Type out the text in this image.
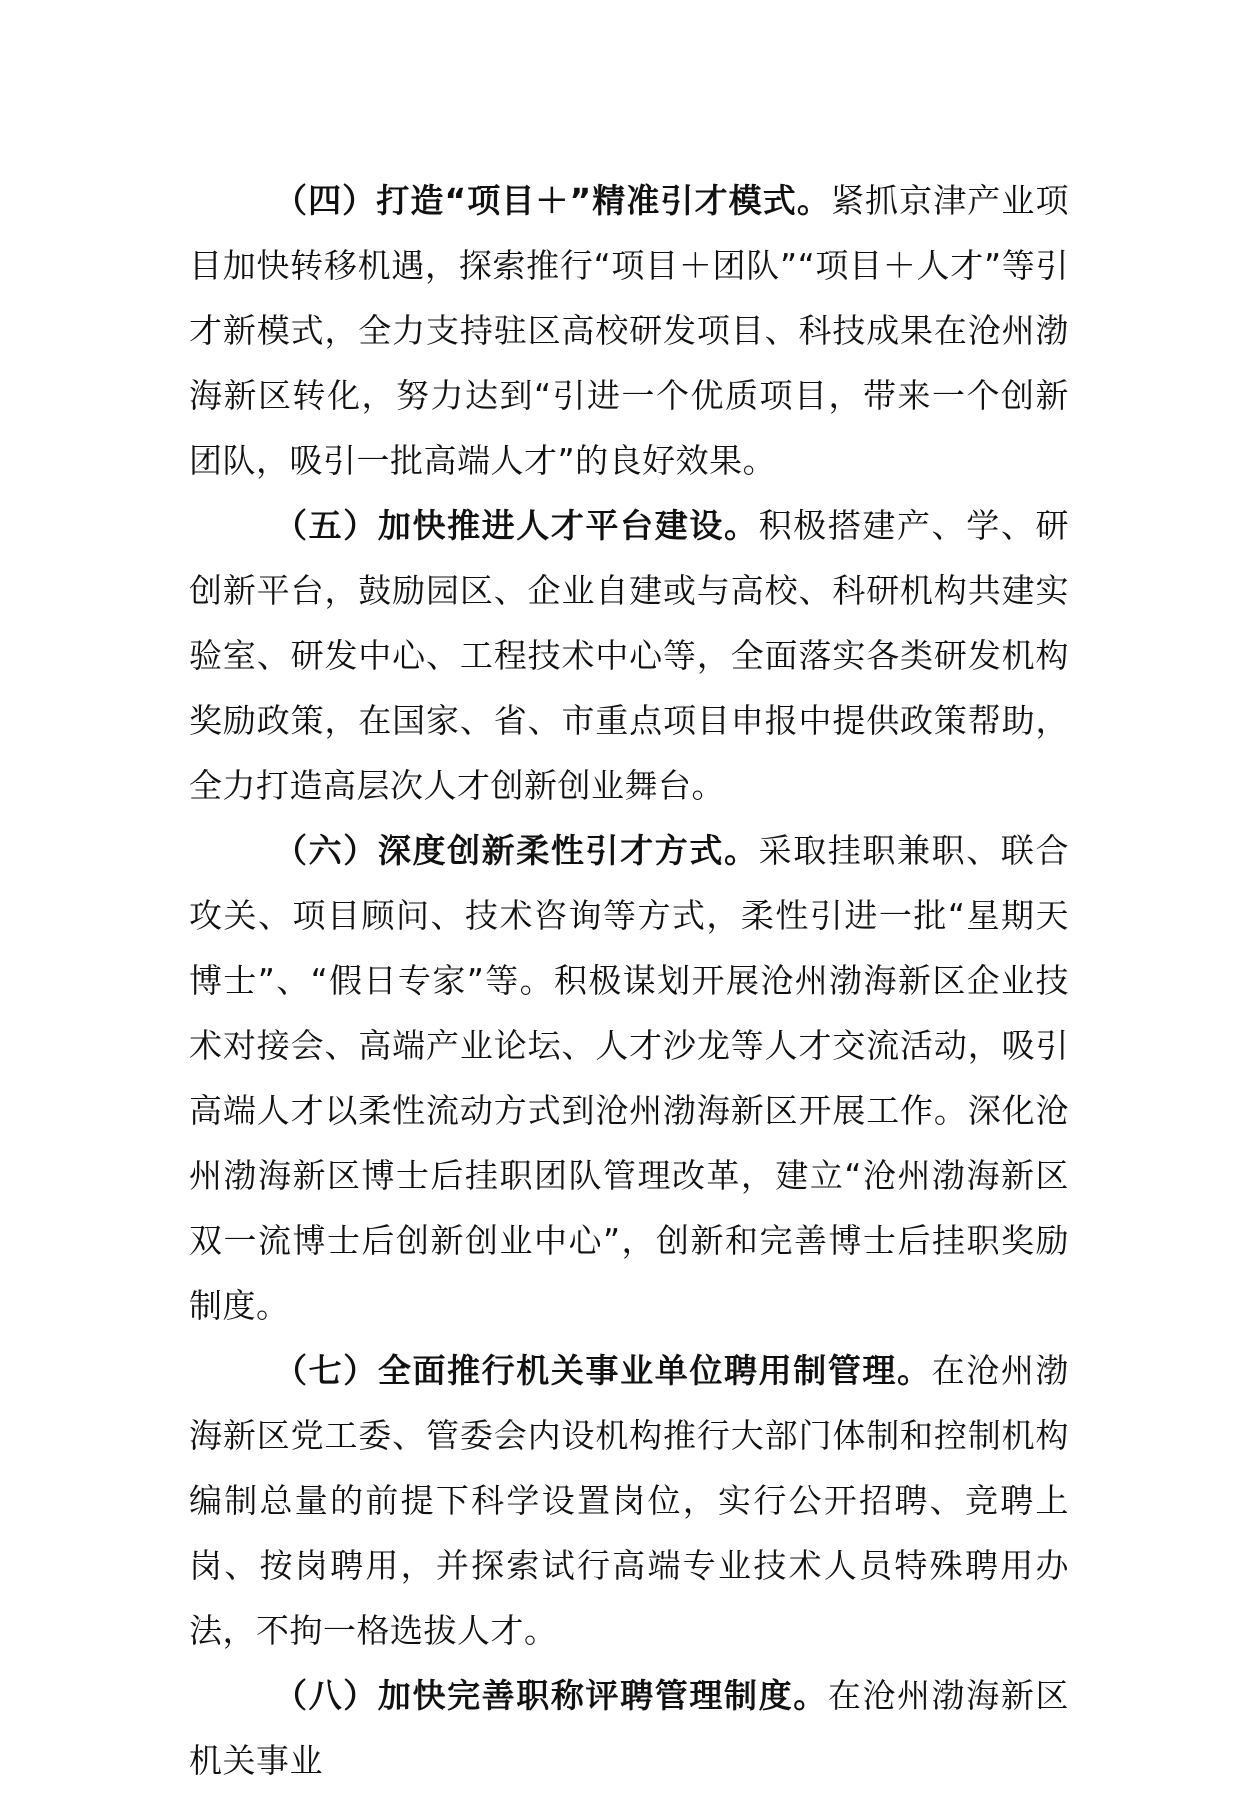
（四）打造“项目＋”精准引才模式。紧抓京津产业项目加快转移机遇，探索推行“项目＋团队”“项目＋人才”等引才新模式，全力支持驻区高校研发项目、科技成果在沧州渤海新区转化，努力达到“引进一个优质项目，带来一个创新团队，吸引一批高端人才”的良好效果。

（五）加快推进人才平台建设。积极搭建产、学、研创新平台，鼓励园区、企业自建或与高校、科研机构共建实验室、研发中心、工程技术中心等，全面落实各类研发机构奖励政策，在国家、省、市重点项目申报中提供政策帮助，全力打造高层次人才创新创业舞台。

（六）深度创新柔性引才方式。采取挂职兼职、联合攻关、项目顾问、技术咨询等方式，柔性引进一批“星期天博士”、“假日专家”等。积极谋划开展沧州渤海新区企业技术对接会、高端产业论坛、人才沙龙等人才交流活动，吸引高端人才以柔性流动方式到沧州渤海新区开展工作。深化沧州渤海新区博士后挂职团队管理改革，建立“沧州渤海新区双一流博士后创新创业中心”，创新和完善博士后挂职奖励制度。

（七）全面推行机关事业单位聘用制管理。在沧州渤海新区党工委、管委会内设机构推行大部门体制和控制机构编制总量的前提下科学设置岗位，实行公开招聘、竞聘上岗、按岗聘用，并探索试行高端专业技术人员特殊聘用办法，不拘一格选拔人才。

（八）加快完善职称评聘管理制度。在沧州渤海新区机关事业
